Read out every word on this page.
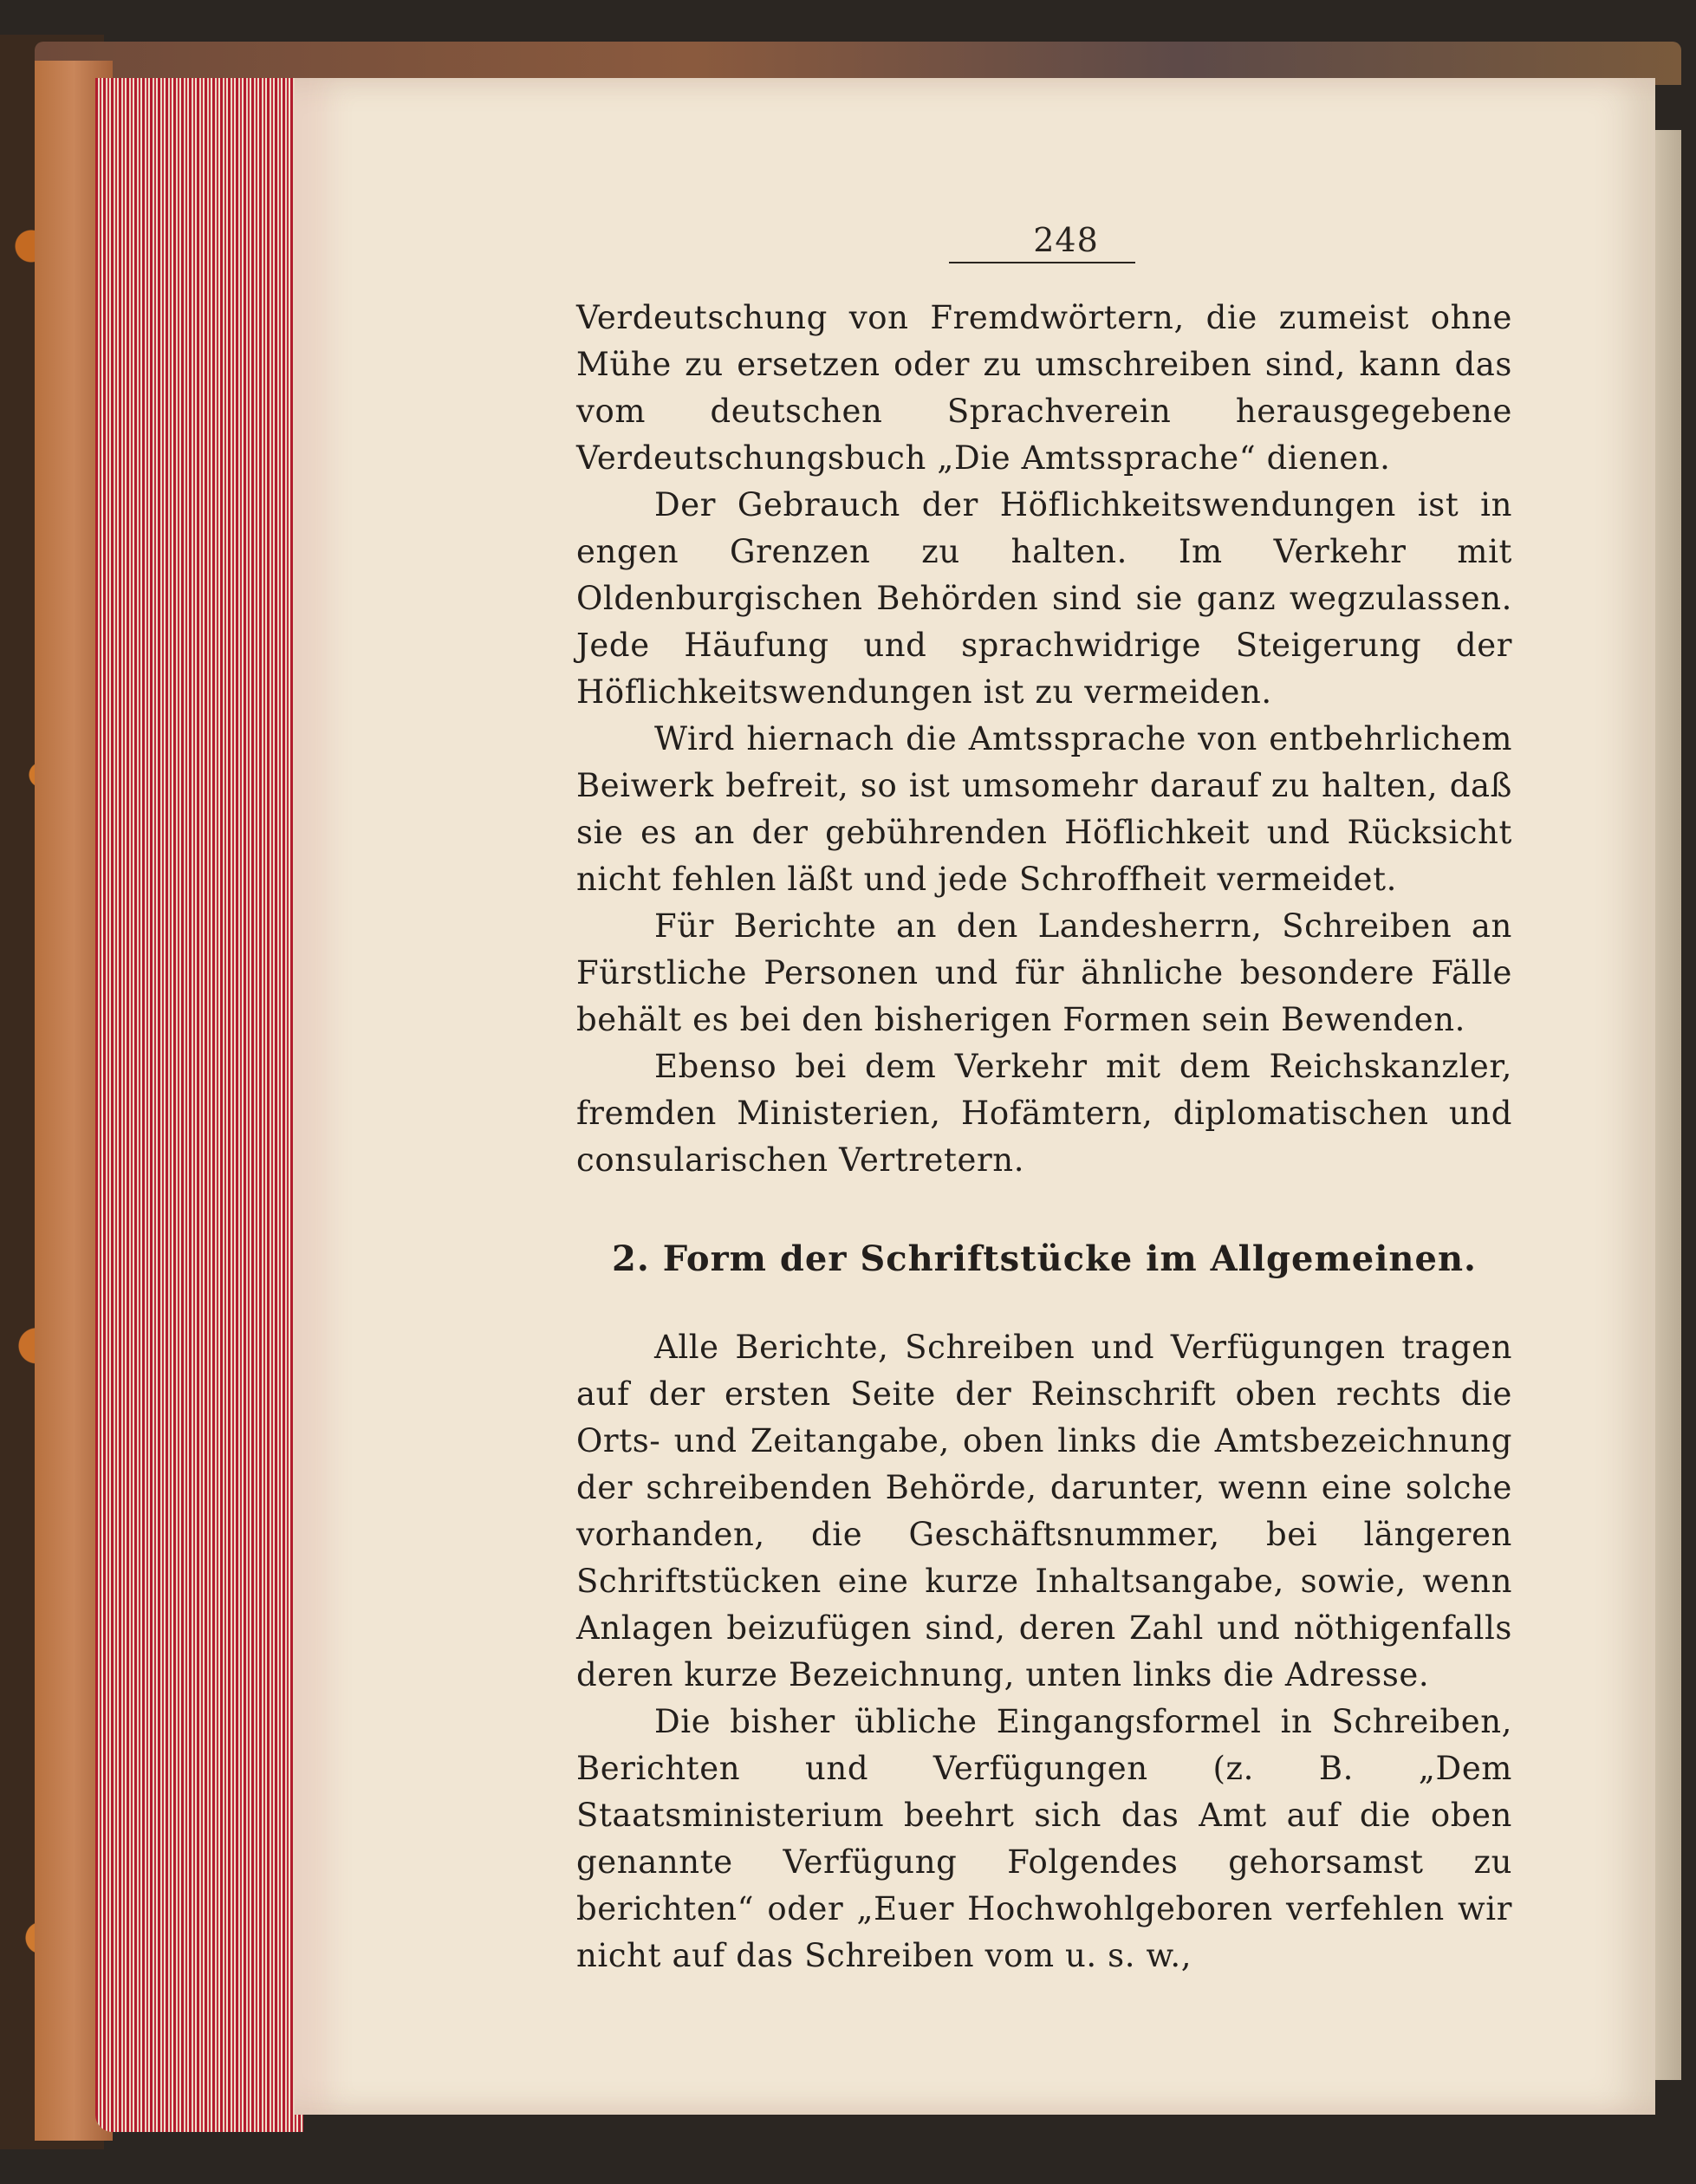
248

Verdeutschung von Fremdwörtern, die zumeist ohne Mühe zu ersetzen oder zu umschreiben sind, kann das vom deutschen Sprachverein herausgegebene Verdeutschungsbuch „Die Amtssprache“ dienen.

Der Gebrauch der Höflichkeitswendungen ist in engen Grenzen zu halten. Im Verkehr mit Oldenburgischen Behörden sind sie ganz wegzulassen. Jede Häufung und sprachwidrige Steigerung der Höflichkeitswendungen ist zu vermeiden.

Wird hiernach die Amtssprache von entbehrlichem Beiwerk befreit, so ist umsomehr darauf zu halten, daß sie es an der gebührenden Höflichkeit und Rücksicht nicht fehlen läßt und jede Schroffheit vermeidet.

Für Berichte an den Landesherrn, Schreiben an Fürstliche Personen und für ähnliche besondere Fälle behält es bei den bisherigen Formen sein Bewenden.

Ebenso bei dem Verkehr mit dem Reichskanzler, fremden Ministerien, Hofämtern, diplomatischen und consularischen Vertretern.

2. Form der Schriftstücke im Allgemeinen.

Alle Berichte, Schreiben und Verfügungen tragen auf der ersten Seite der Reinschrift oben rechts die Orts- und Zeitangabe, oben links die Amtsbezeichnung der schreibenden Behörde, darunter, wenn eine solche vorhanden, die Geschäftsnummer, bei längeren Schriftstücken eine kurze Inhaltsangabe, sowie, wenn Anlagen beizufügen sind, deren Zahl und nöthigenfalls deren kurze Bezeichnung, unten links die Adresse.

Die bisher übliche Eingangsformel in Schreiben, Berichten und Verfügungen (z. B. „Dem Staatsministerium beehrt sich das Amt auf die oben genannte Verfügung Folgendes gehorsamst zu berichten“ oder „Euer Hochwohlgeboren verfehlen wir nicht auf das Schreiben vom u. s. w.,
